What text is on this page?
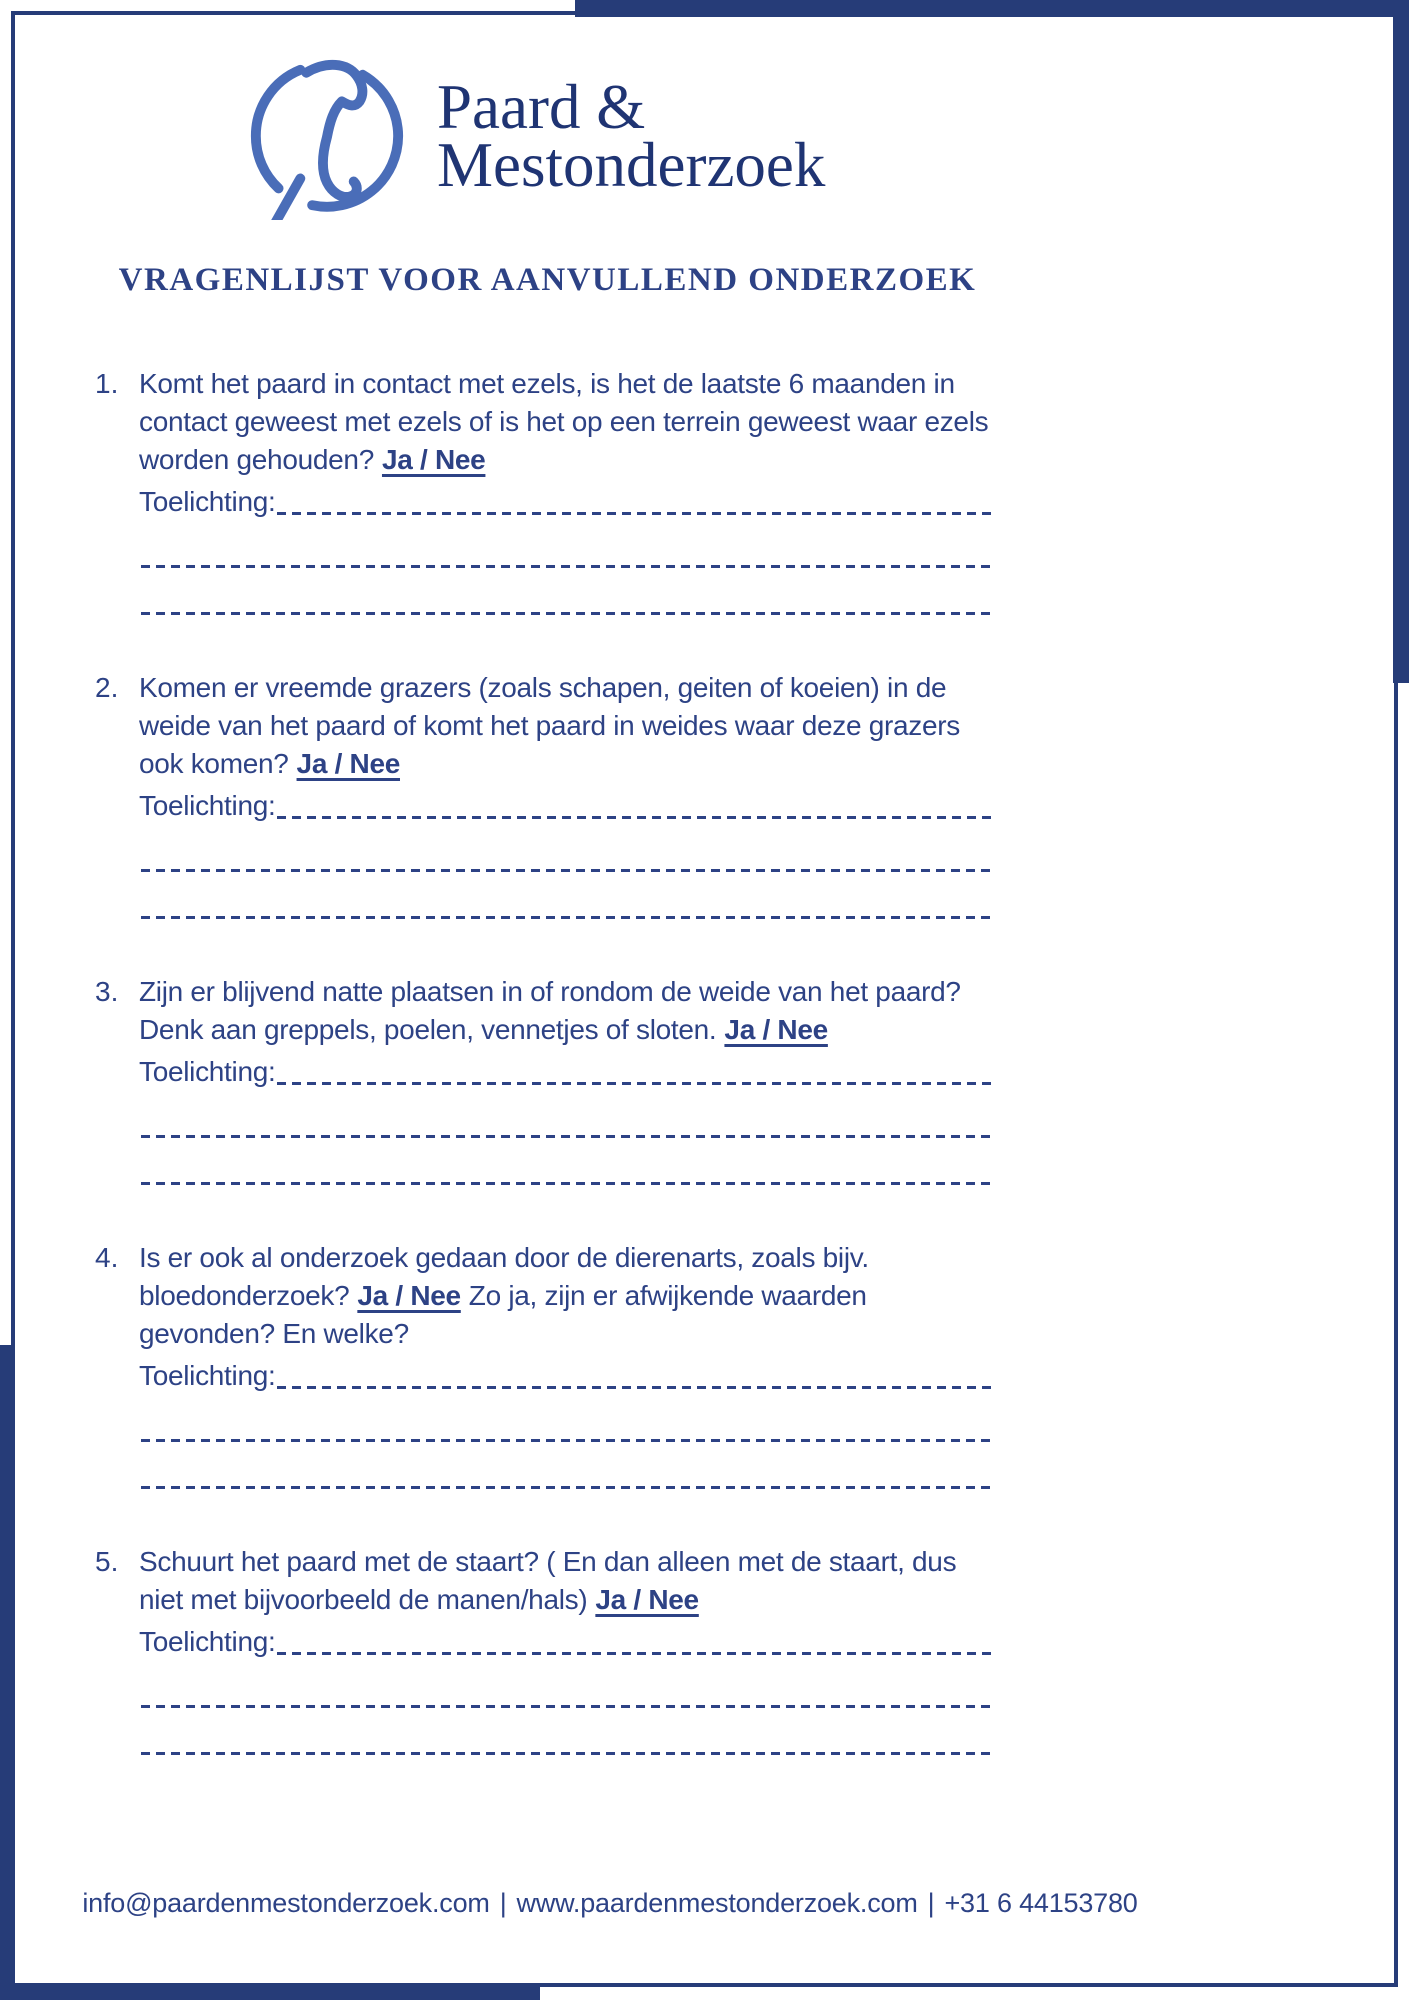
Paard &
Mestonderzoek
VRAGENLIJST VOOR AANVULLEND ONDERZOEK
1. Komt het paard in contact met ezels, is het de laatste 6 maanden in contact geweest met ezels of is het op een terrein geweest waar ezels worden gehouden? Ja / Nee

Toelichting:
2. Komen er vreemde grazers (zoals schapen, geiten of koeien) in de weide van het paard of komt het paard in weides waar deze grazers ook komen? Ja / Nee

Toelichting:
3. Zijn er blijvend natte plaatsen in of rondom de weide van het paard? Denk aan greppels, poelen, vennetjes of sloten. Ja / Nee

Toelichting:
4. Is er ook al onderzoek gedaan door de dierenarts, zoals bijv. bloedonderzoek? Ja / Nee Zo ja, zijn er afwijkende waarden gevonden? En welke?

Toelichting:
5. Schuurt het paard met de staart? ( En dan alleen met de staart, dus niet met bijvoorbeeld de manen/hals) Ja / Nee

Toelichting:
info@paardenmestonderzoek.com | www.paardenmestonderzoek.com | +31 6 44153780
